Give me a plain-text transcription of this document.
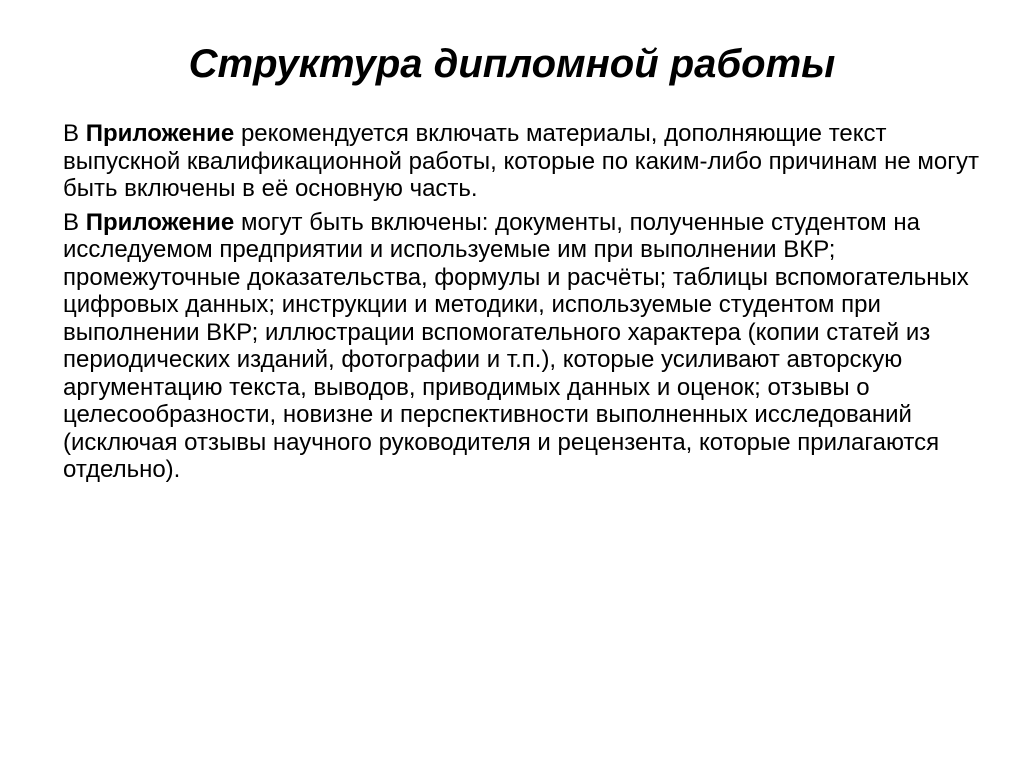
Структура дипломной работы

В Приложение рекомендуется включать материалы, дополняющие текст выпускной квалификационной работы, которые по каким-либо причинам не могут быть включены в её основную часть.

В Приложение могут быть включены: документы, полученные студентом на исследуемом предприятии и используемые им при выполнении ВКР; промежуточные доказательства, формулы и расчёты; таблицы вспомогательных цифровых данных; инструкции и методики, используемые студентом при выполнении ВКР; иллюстрации вспомогательного характера (копии статей из периодических изданий, фотографии и т.п.), которые усиливают авторскую аргументацию текста, выводов, приводимых данных и оценок; отзывы о целесообразности, новизне и перспективности выполненных исследований (исключая отзывы научного руководителя и рецензента, которые прилагаются отдельно).
